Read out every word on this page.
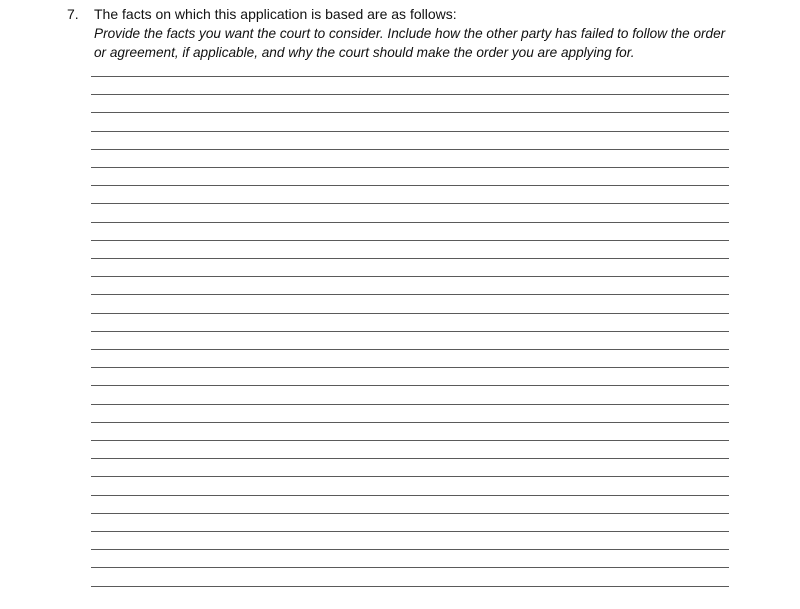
7. The facts on which this application is based are as follows:
Provide the facts you want the court to consider. Include how the other party has failed to follow the order or agreement, if applicable, and why the court should make the order you are applying for.
